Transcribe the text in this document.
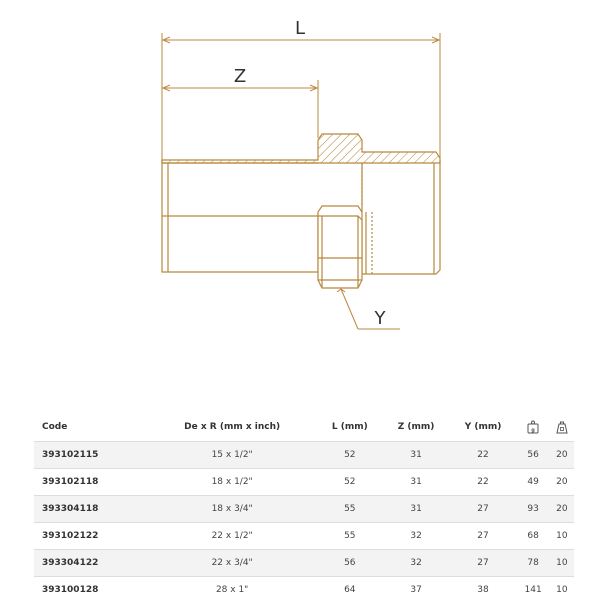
L
Z
Y
Code	De x R (mm x inch)	L (mm)	Z (mm)	Y (mm)	g

393102115	15 x 1/2"	52	31	22	56	20
393102118	18 x 1/2"	52	31	22	49	20
393304118	18 x 3/4"	55	31	27	93	20
393102122	22 x 1/2"	55	32	27	68	10
393304122	22 x 3/4"	56	32	27	78	10
393100128	28 x 1"	64	37	38	141	10
